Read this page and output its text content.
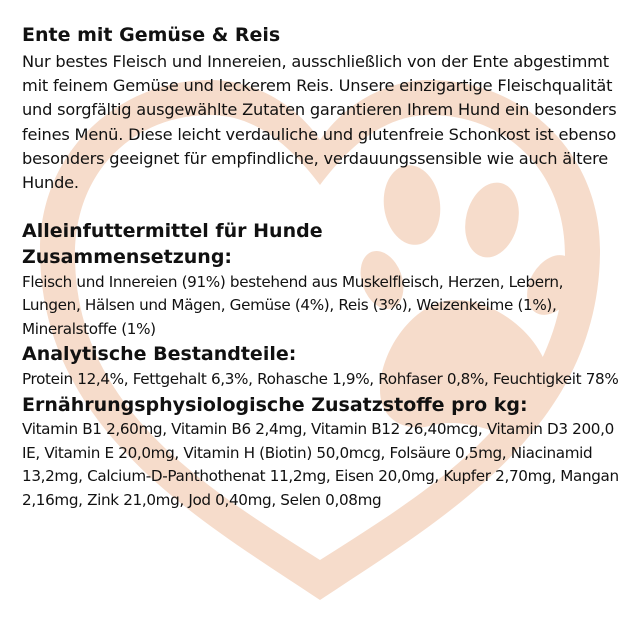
Ente mit Gemüse & Reis

Nur bestes Fleisch und Innereien, ausschließlich von der Ente abgestimmt mit feinem Gemüse und leckerem Reis. Unsere einzigartige Fleischqualität und sorgfältig ausgewählte Zutaten garantieren Ihrem Hund ein besonders feines Menü. Diese leicht verdauliche und glutenfreie Schonkost ist ebenso besonders geeignet für empfindliche, verdauungssensible wie auch ältere Hunde.

Alleinfuttermittel für Hunde
Zusammensetzung:

Fleisch und Innereien (91%) bestehend aus Muskelfleisch, Herzen, Lebern, Lungen, Hälsen und Mägen, Gemüse (4%), Reis (3%), Weizenkeime (1%), Mineralstoffe (1%)

Analytische Bestandteile:

Protein 12,4%, Fettgehalt 6,3%, Rohasche 1,9%, Rohfaser 0,8%, Feuchtigkeit 78%

Ernährungsphysiologische Zusatzstoffe pro kg:

Vitamin B1 2,60mg, Vitamin B6 2,4mg, Vitamin B12 26,40mcg, Vitamin D3 200,0 IE, Vitamin E 20,0mg, Vitamin H (Biotin) 50,0mcg, Folsäure 0,5mg, Niacinamid 13,2mg, Calcium-D-Panthothenat 11,2mg, Eisen 20,0mg, Kupfer 2,70mg, Mangan 2,16mg, Zink 21,0mg, Jod 0,40mg, Selen 0,08mg
